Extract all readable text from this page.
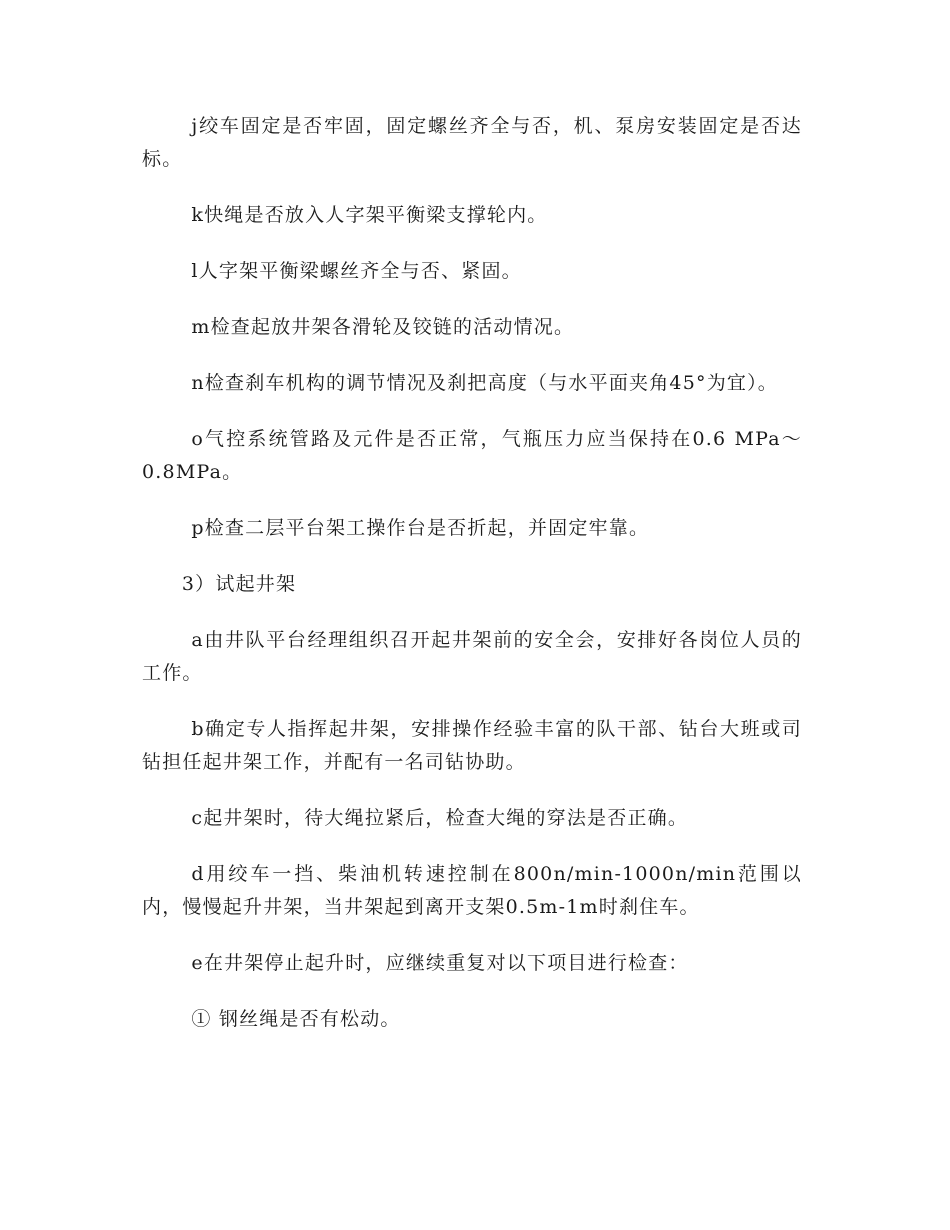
j绞车固定是否牢固，固定螺丝齐全与否，机、泵房安装固定是否达标。

k快绳是否放入人字架平衡梁支撑轮内。

l人字架平衡梁螺丝齐全与否、紧固。

m检查起放井架各滑轮及铰链的活动情况。

n检查刹车机构的调节情况及刹把高度（与水平面夹角45°为宜）。

o气控系统管路及元件是否正常，气瓶压力应当保持在0.6 MPa～0.8MPa。

p检查二层平台架工操作台是否折起，并固定牢靠。

3）试起井架

a由井队平台经理组织召开起井架前的安全会，安排好各岗位人员的工作。

b确定专人指挥起井架，安排操作经验丰富的队干部、钻台大班或司钻担任起井架工作，并配有一名司钻协助。

c起井架时，待大绳拉紧后，检查大绳的穿法是否正确。

d用绞车一挡、柴油机转速控制在800n/min-1000n/min范围以内，慢慢起升井架，当井架起到离开支架0.5m-1m时刹住车。

e在井架停止起升时，应继续重复对以下项目进行检查：

① 钢丝绳是否有松动。
